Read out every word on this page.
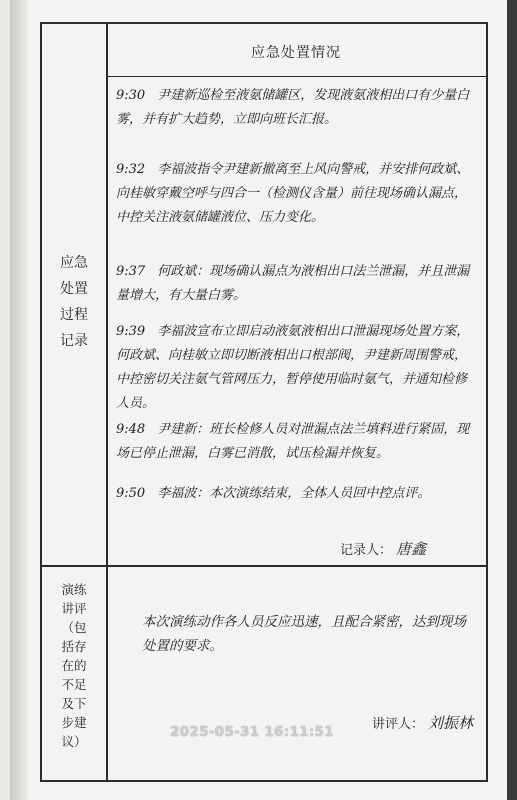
应急处置情况
应急
处置
过程
记录
演练
讲评
（包
括存
在的
不足
及下
步建
议）
9:30 尹建新巡检至液氨储罐区，发现液氨液相出口有少量白雾，并有扩大趋势，立即向班长汇报。
9:32 李福波指令尹建新撤离至上风向警戒，并安排何政斌、向桂敏穿戴空呼与四合一（检测仪含量）前往现场确认漏点，中控关注液氨储罐液位、压力变化。
9:37 何政斌：现场确认漏点为液相出口法兰泄漏，并且泄漏量增大，有大量白雾。
9:39 李福波宣布立即启动液氨液相出口泄漏现场处置方案，何政斌、向桂敏立即切断液相出口根部阀，尹建新周围警戒，中控密切关注氨气管网压力，暂停使用临时氨气，并通知检修人员。
9:48 尹建新：班长检修人员对泄漏点法兰填料进行紧固，现场已停止泄漏，白雾已消散，试压检漏并恢复。
9:50 李福波：本次演练结束，全体人员回中控点评。
记录人： 唐鑫
本次演练动作各人员反应迅速，且配合紧密，达到现场处置的要求。
讲评人： 刘振林
2025-05-31 16:11:51
